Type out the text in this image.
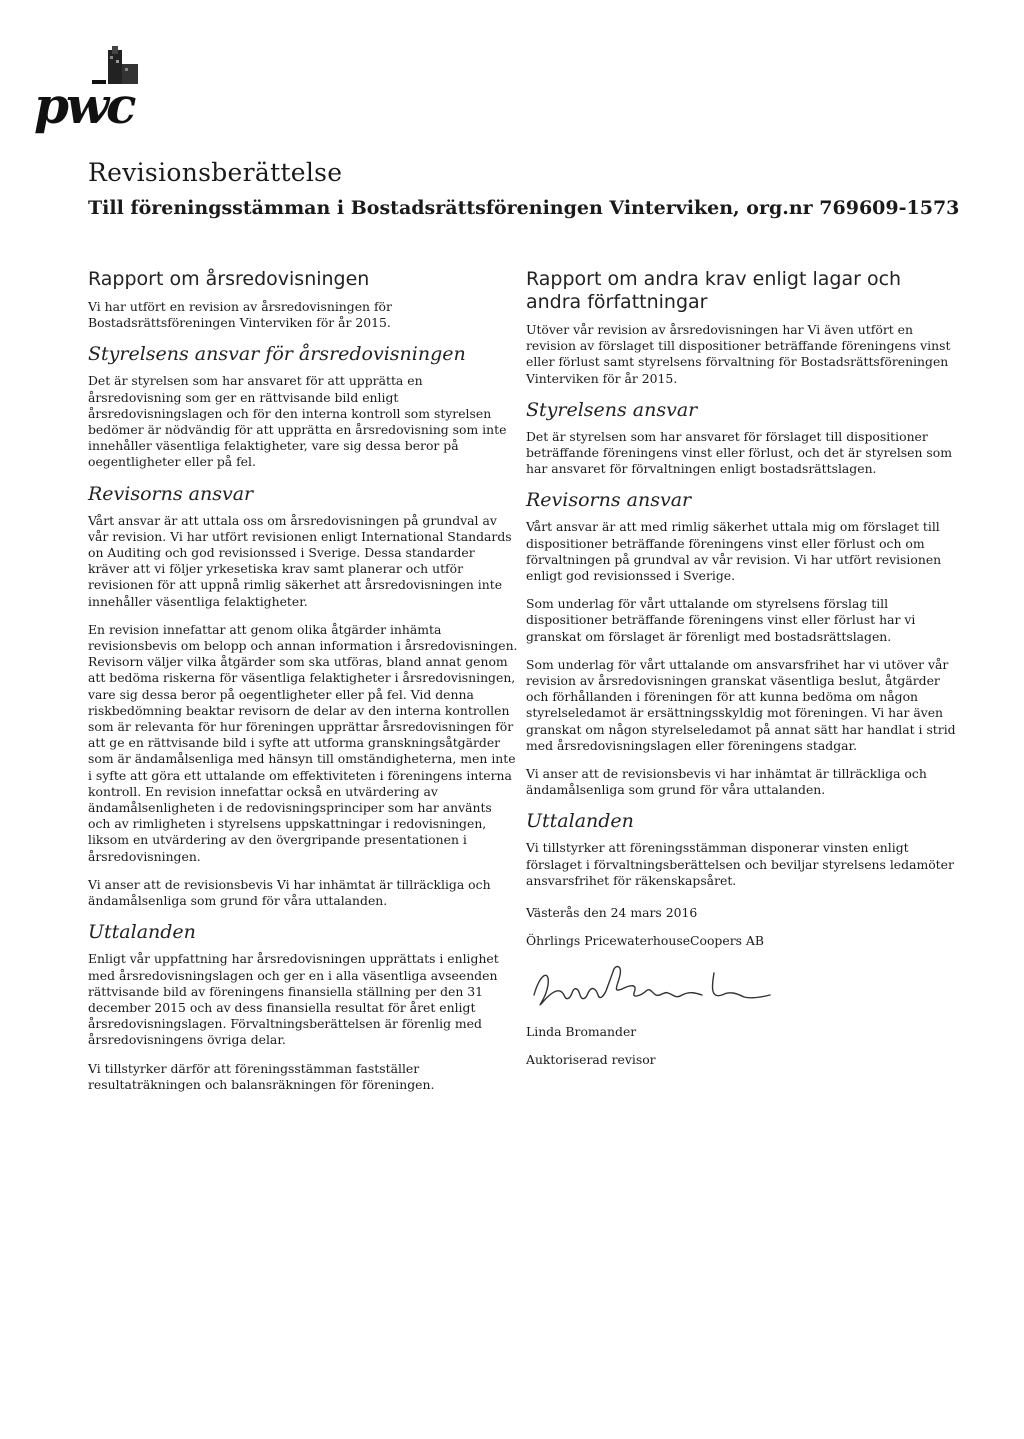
pwc
Revisionsberättelse
Till föreningsstämman i Bostadsrättsföreningen Vinterviken, org.nr 769609-1573
Rapport om årsredovisningen

Vi har utfört en revision av årsredovisningen för Bostadsrättsföreningen Vinterviken för år 2015.

Styrelsens ansvar för årsredovisningen

Det är styrelsen som har ansvaret för att upprätta en årsredovisning som ger en rättvisande bild enligt årsredovisningslagen och för den interna kontroll som styrelsen bedömer är nödvändig för att upprätta en årsredovisning som inte innehåller väsentliga felaktigheter, vare sig dessa beror på oegentligheter eller på fel.

Revisorns ansvar

Vårt ansvar är att uttala oss om årsredovisningen på grundval av vår revision. Vi har utfört revisionen enligt International Standards on Auditing och god revisionssed i Sverige. Dessa standarder kräver att vi följer yrkesetiska krav samt planerar och utför revisionen för att uppnå rimlig säkerhet att årsredovisningen inte innehåller väsentliga felaktigheter.

En revision innefattar att genom olika åtgärder inhämta revisionsbevis om belopp och annan information i årsredovisningen. Revisorn väljer vilka åtgärder som ska utföras, bland annat genom att bedöma riskerna för väsentliga felaktigheter i årsredovisningen, vare sig dessa beror på oegentligheter eller på fel. Vid denna riskbedömning beaktar revisorn de delar av den interna kontrollen som är relevanta för hur föreningen upprättar årsredovisningen för att ge en rättvisande bild i syfte att utforma granskningsåtgärder som är ändamålsenliga med hänsyn till omständigheterna, men inte i syfte att göra ett uttalande om effektiviteten i föreningens interna kontroll. En revision innefattar också en utvärdering av ändamålsenligheten i de redovisningsprinciper som har använts och av rimligheten i styrelsens uppskattningar i redovisningen, liksom en utvärdering av den övergripande presentationen i årsredovisningen.

Vi anser att de revisionsbevis Vi har inhämtat är tillräckliga och ändamålsenliga som grund för våra uttalanden.

Uttalanden

Enligt vår uppfattning har årsredovisningen upprättats i enlighet med årsredovisningslagen och ger en i alla väsentliga avseenden rättvisande bild av föreningens finansiella ställning per den 31 december 2015 och av dess finansiella resultat för året enligt årsredovisningslagen. Förvaltningsberättelsen är förenlig med årsredovisningens övriga delar.

Vi tillstyrker därför att föreningsstämman fastställer resultaträkningen och balansräkningen för föreningen.

Rapport om andra krav enligt lagar och andra författningar

Utöver vår revision av årsredovisningen har Vi även utfört en revision av förslaget till dispositioner beträffande föreningens vinst eller förlust samt styrelsens förvaltning för Bostadsrättsföreningen Vinterviken för år 2015.

Styrelsens ansvar

Det är styrelsen som har ansvaret för förslaget till dispositioner beträffande föreningens vinst eller förlust, och det är styrelsen som har ansvaret för förvaltningen enligt bostadsrättslagen.

Revisorns ansvar

Vårt ansvar är att med rimlig säkerhet uttala mig om förslaget till dispositioner beträffande föreningens vinst eller förlust och om förvaltningen på grundval av vår revision. Vi har utfört revisionen enligt god revisionssed i Sverige.

Som underlag för vårt uttalande om styrelsens förslag till dispositioner beträffande föreningens vinst eller förlust har vi granskat om förslaget är förenligt med bostadsrättslagen.

Som underlag för vårt uttalande om ansvarsfrihet har vi utöver vår revision av årsredovisningen granskat väsentliga beslut, åtgärder och förhållanden i föreningen för att kunna bedöma om någon styrelseledamot är ersättningsskyldig mot föreningen. Vi har även granskat om någon styrelseledamot på annat sätt har handlat i strid med årsredovisningslagen eller föreningens stadgar.

Vi anser att de revisionsbevis vi har inhämtat är tillräckliga och ändamålsenliga som grund för våra uttalanden.

Uttalanden

Vi tillstyrker att föreningsstämman disponerar vinsten enligt förslaget i förvaltningsberättelsen och beviljar styrelsens ledamöter ansvarsfrihet för räkenskapsåret.

Västerås den 24 mars 2016
Öhrlings PricewaterhouseCoopers AB
Linda Bromander
Auktoriserad revisor
